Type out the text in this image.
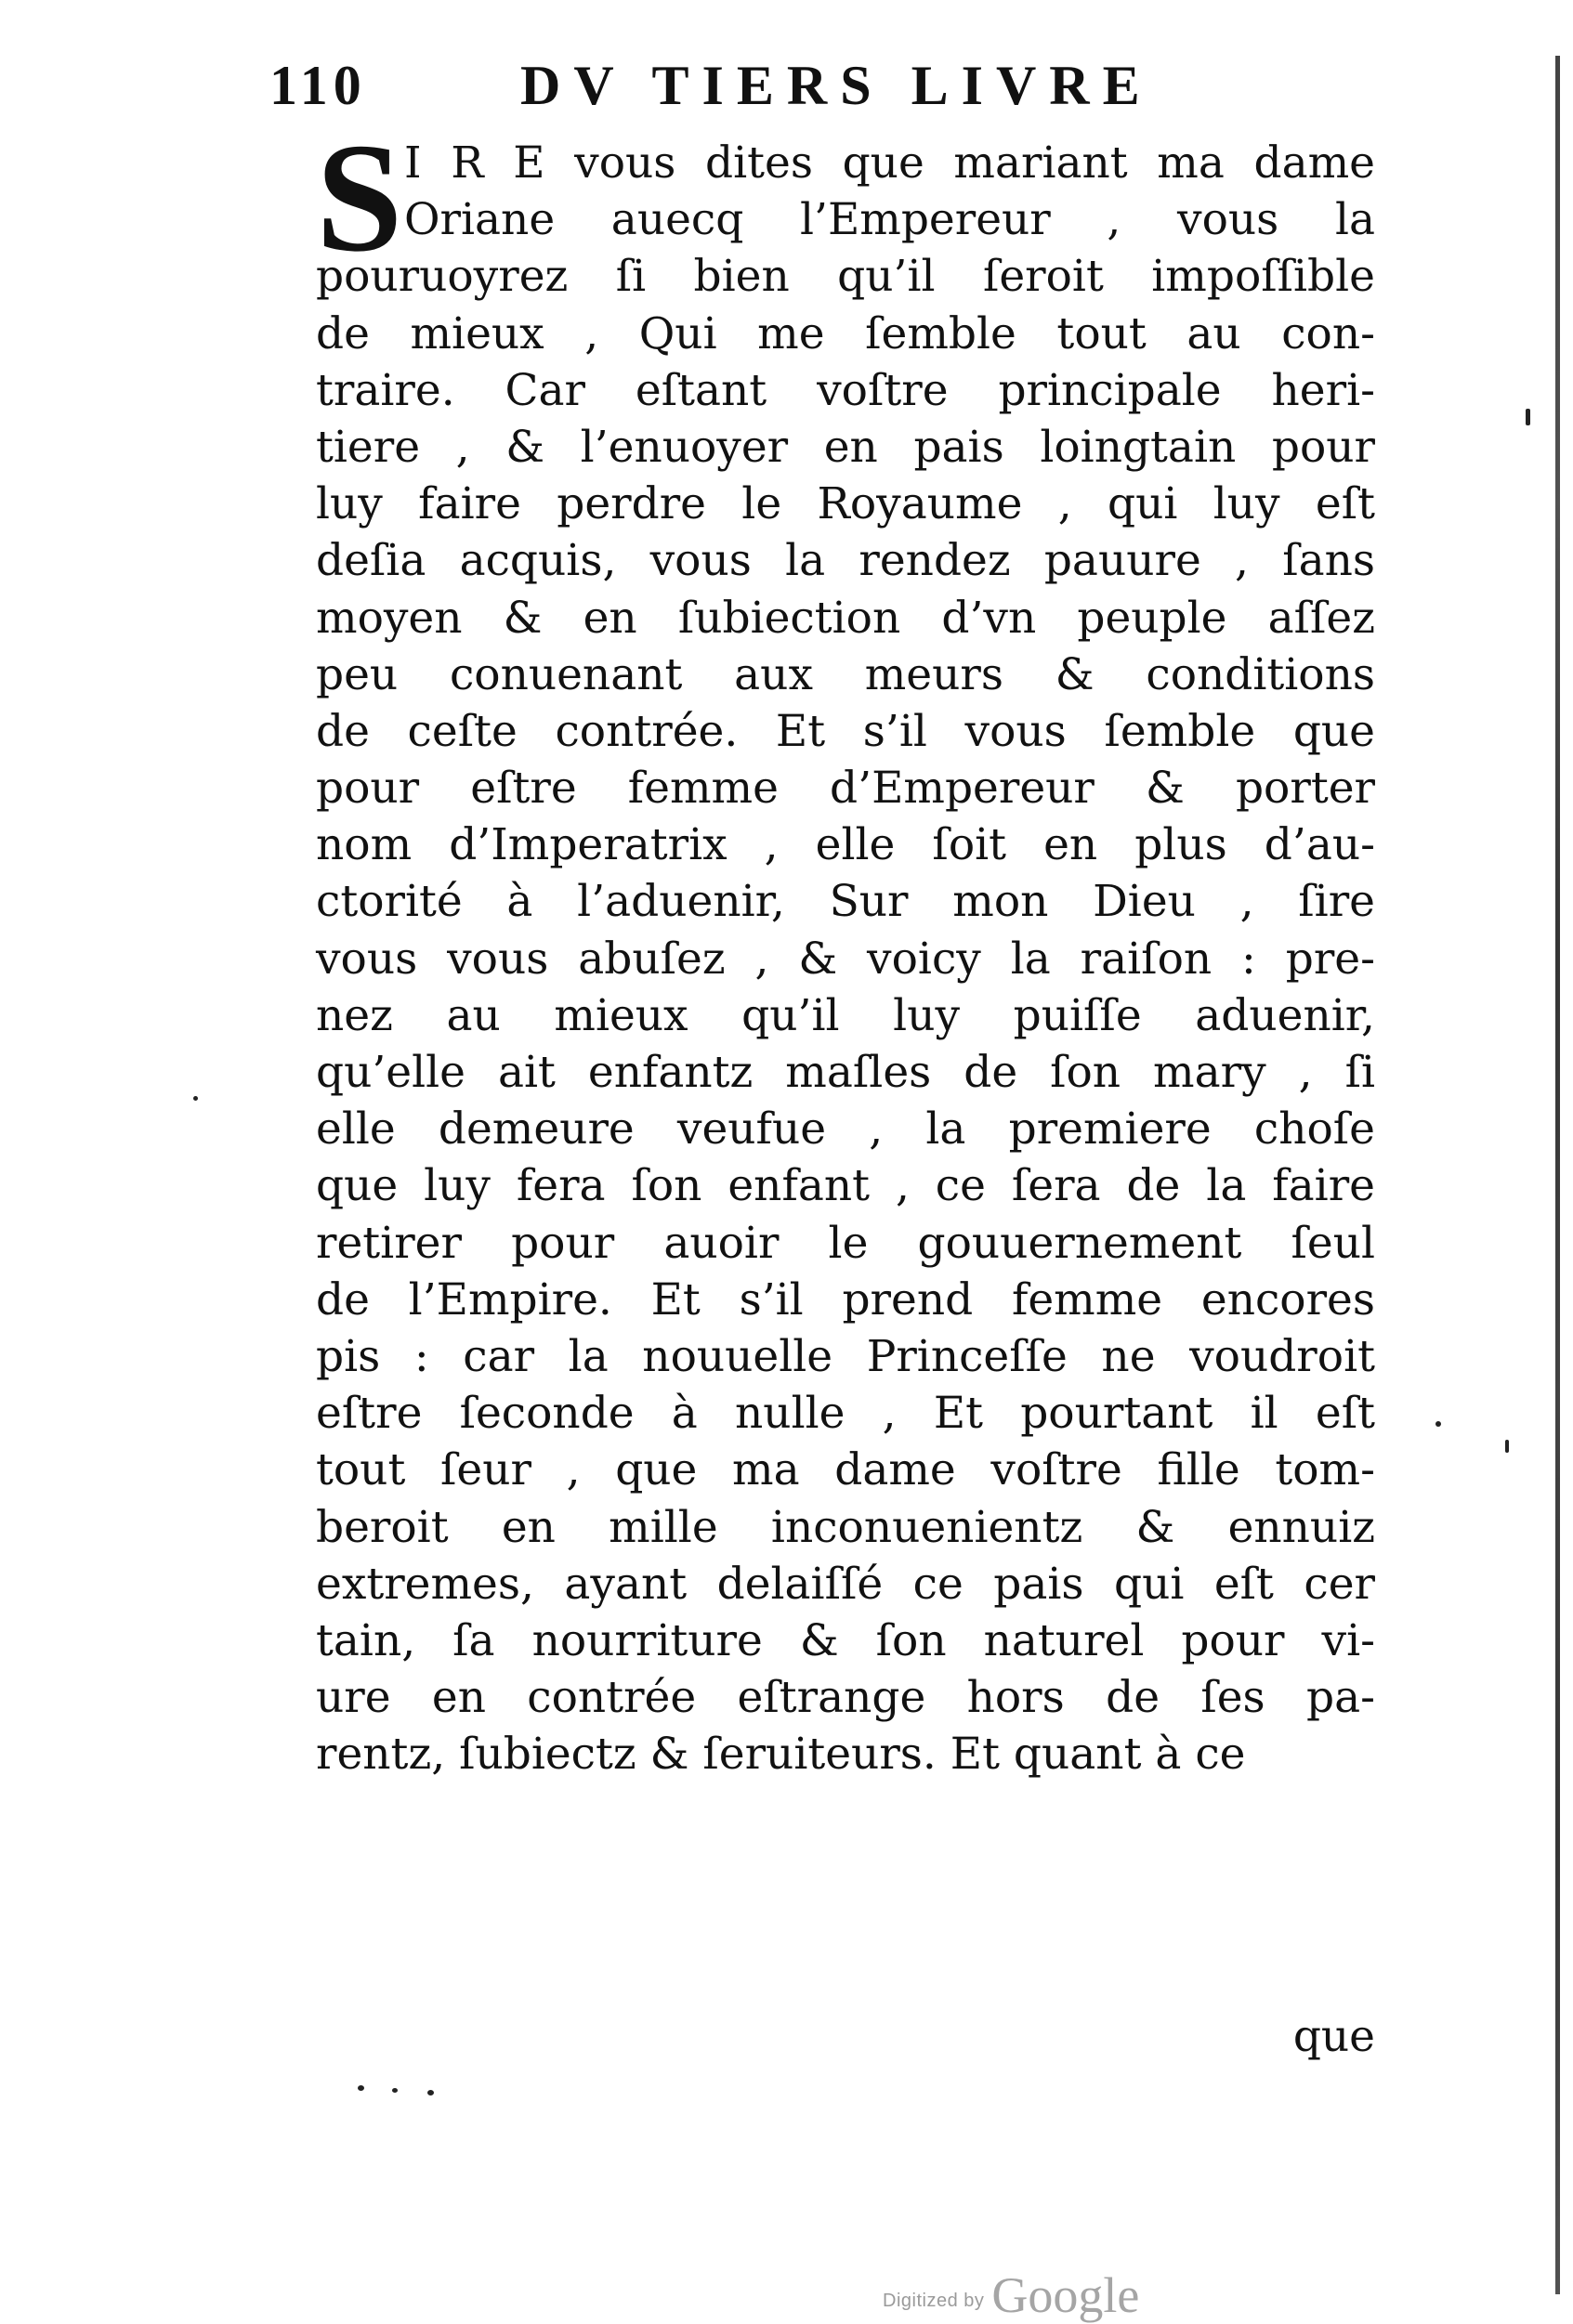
110	DV TIERS LIVRE
S I R E vous dites que mariant ma dame
Oriane auecq l’Empereur , vous la
pouruoyrez ſi bien qu’il ſeroit impoſſible
de mieux , Qui me ſemble tout au con-
traire. Car eſtant voſtre principale heri-
tiere , & l’enuoyer en pais loingtain pour
luy faire perdre le Royaume , qui luy eſt
deſia acquis, vous la rendez pauure , ſans
moyen & en ſubiection d’vn peuple aſſez
peu conuenant aux meurs & conditions
de ceſte contrée. Et s’il vous ſemble que
pour eſtre femme d’Empereur & porter
nom d’Imperatrix , elle ſoit en plus d’au-
ctorité à l’aduenir, Sur mon Dieu , ſire
vous vous abuſez , & voicy la raiſon : pre-
nez au mieux qu’il luy puiſſe aduenir,
qu’elle ait enfantz maſles de ſon mary , ſi
elle demeure veufue , la premiere choſe
que luy fera ſon enfant , ce ſera de la faire
retirer pour auoir le gouuernement ſeul
de l’Empire. Et s’il prend femme encores
pis : car la nouuelle Princeſſe ne voudroit
eſtre ſeconde à nulle , Et pourtant il eſt
tout ſeur , que ma dame voſtre fille tom-
beroit en mille inconuenientz & ennuiz
extremes, ayant delaiſſé ce pais qui eſt cer
tain, ſa nourriture & ſon naturel pour vi-
ure en contrée eſtrange hors de ſes pa-
rentz, ſubiectz & ſeruiteurs. Et quant à ce
que
Digitized by Google
